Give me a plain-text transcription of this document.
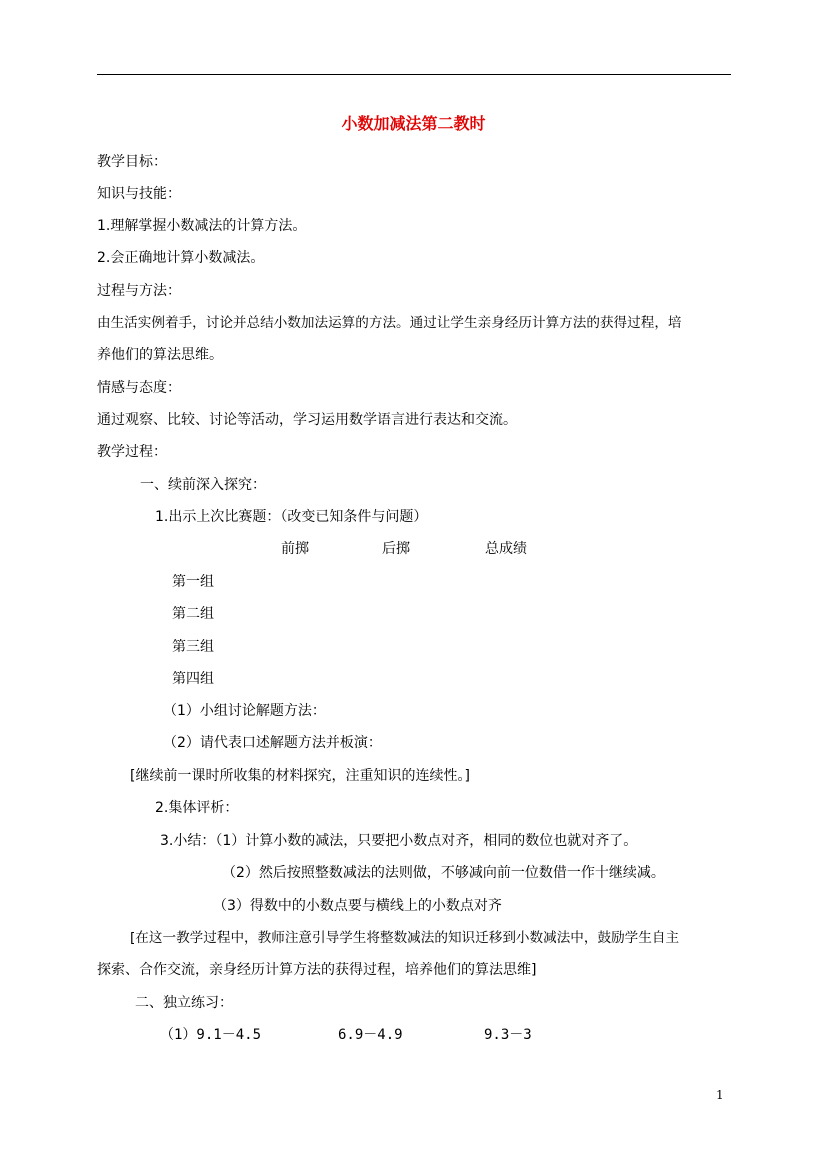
小数加减法第二教时
教学目标：
知识与技能：
1.理解掌握小数减法的计算方法。
2.会正确地计算小数减法。
过程与方法：
由生活实例着手，讨论并总结小数加法运算的方法。通过让学生亲身经历计算方法的获得过程，培
养他们的算法思维。
情感与态度：
通过观察、比较、讨论等活动，学习运用数学语言进行表达和交流。
教学过程：
一、续前深入探究：
1.出示上次比赛题：（改变已知条件与问题）
前掷	后掷	总成绩
第一组
第二组
第三组
第四组
（1）小组讨论解题方法：
（2）请代表口述解题方法并板演：
[继续前一课时所收集的材料探究，注重知识的连续性。]
2.集体评析：
3.小结：（1）计算小数的减法，只要把小数点对齐，相同的数位也就对齐了。
（2）然后按照整数减法的法则做，不够减向前一位数借一作十继续减。
（3）得数中的小数点要与横线上的小数点对齐
[在这一教学过程中，教师注意引导学生将整数减法的知识迁移到小数减法中，鼓励学生自主
探索、合作交流，亲身经历计算方法的获得过程，培养他们的算法思维]
二、独立练习：
（1）9.1－4.5	6.9－4.9	9.3－3
1
